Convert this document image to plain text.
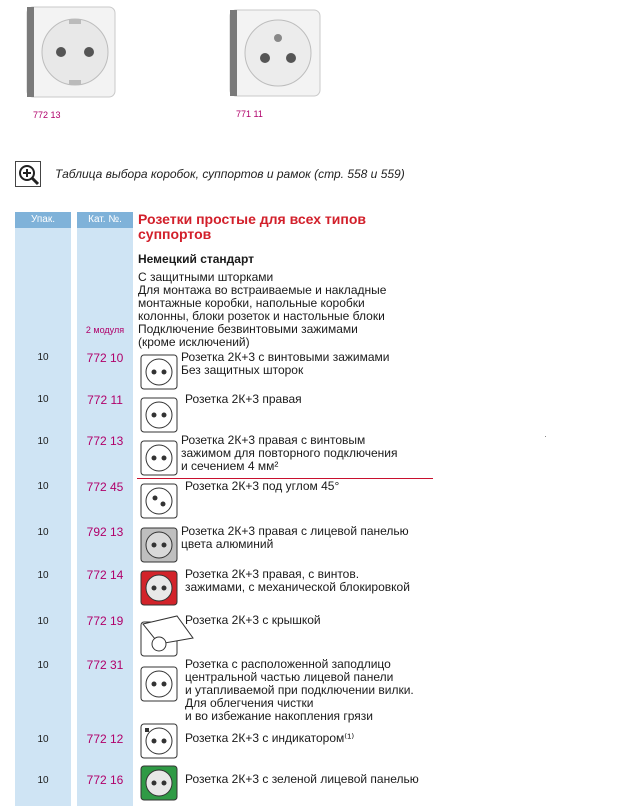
772 13	771 11
Таблица выбора коробок, суппортов и рамок (стр. 558 и 559)
Упак.	Кат. №.	Розетки простые для всех типов суппортов
Немецкий стандарт
С защитными шторками
Для монтажа во встраиваемые и накладные
монтажные коробки, напольные коробки
колонны, блоки розеток и настольные блоки
Подключение безвинтовыми зажимами
(кроме исключений)
2 модуля
10	772 10	Розетка 2К+3 с винтовыми зажимами
Без защитных шторок
10	772 11	Розетка 2К+3 правая
10	772 13	Розетка 2К+3 правая с винтовым
зажимом для повторного подключения
и сечением 4 мм²
10	772 45	Розетка 2К+3 под углом 45°
10	792 13	Розетка 2К+3 правая с лицевой панелью
цвета алюминий
10	772 14	Розетка 2К+3 правая, с винтов.
зажимами, с механической блокировкой
10	772 19	Розетка 2К+3 с крышкой
10	772 31	Розетка с расположенной заподлицо
центральной частью лицевой панели
и утапливаемой при подключении вилки.
Для облегчения чистки
и во избежание накопления грязи
10	772 12	Розетка 2К+3 с индикатором⁽¹⁾
10	772 16	Розетка 2К+3 с зеленой лицевой панелью
